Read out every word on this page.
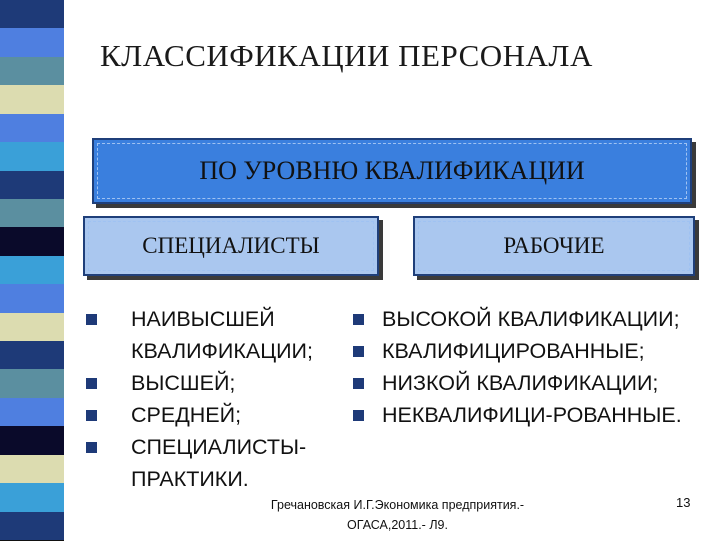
КЛАССИФИКАЦИИ ПЕРСОНАЛА
ПО УРОВНЮ КВАЛИФИКАЦИИ
СПЕЦИАЛИСТЫ	РАБОЧИЕ
НАИВЫСШЕЙ КВАЛИФИКАЦИИ;
ВЫСШЕЙ;
СРЕДНЕЙ;
СПЕЦИАЛИСТЫ-ПРАКТИКИ.
ВЫСОКОЙ КВАЛИФИКАЦИИ;
КВАЛИФИЦИРОВАННЫЕ;
НИЗКОЙ КВАЛИФИКАЦИИ;
НЕКВАЛИФИЦИ-РОВАННЫЕ.
Гречановская И.Г.Экономика предприятия.- ОГАСА,2011.- Л9.
13
